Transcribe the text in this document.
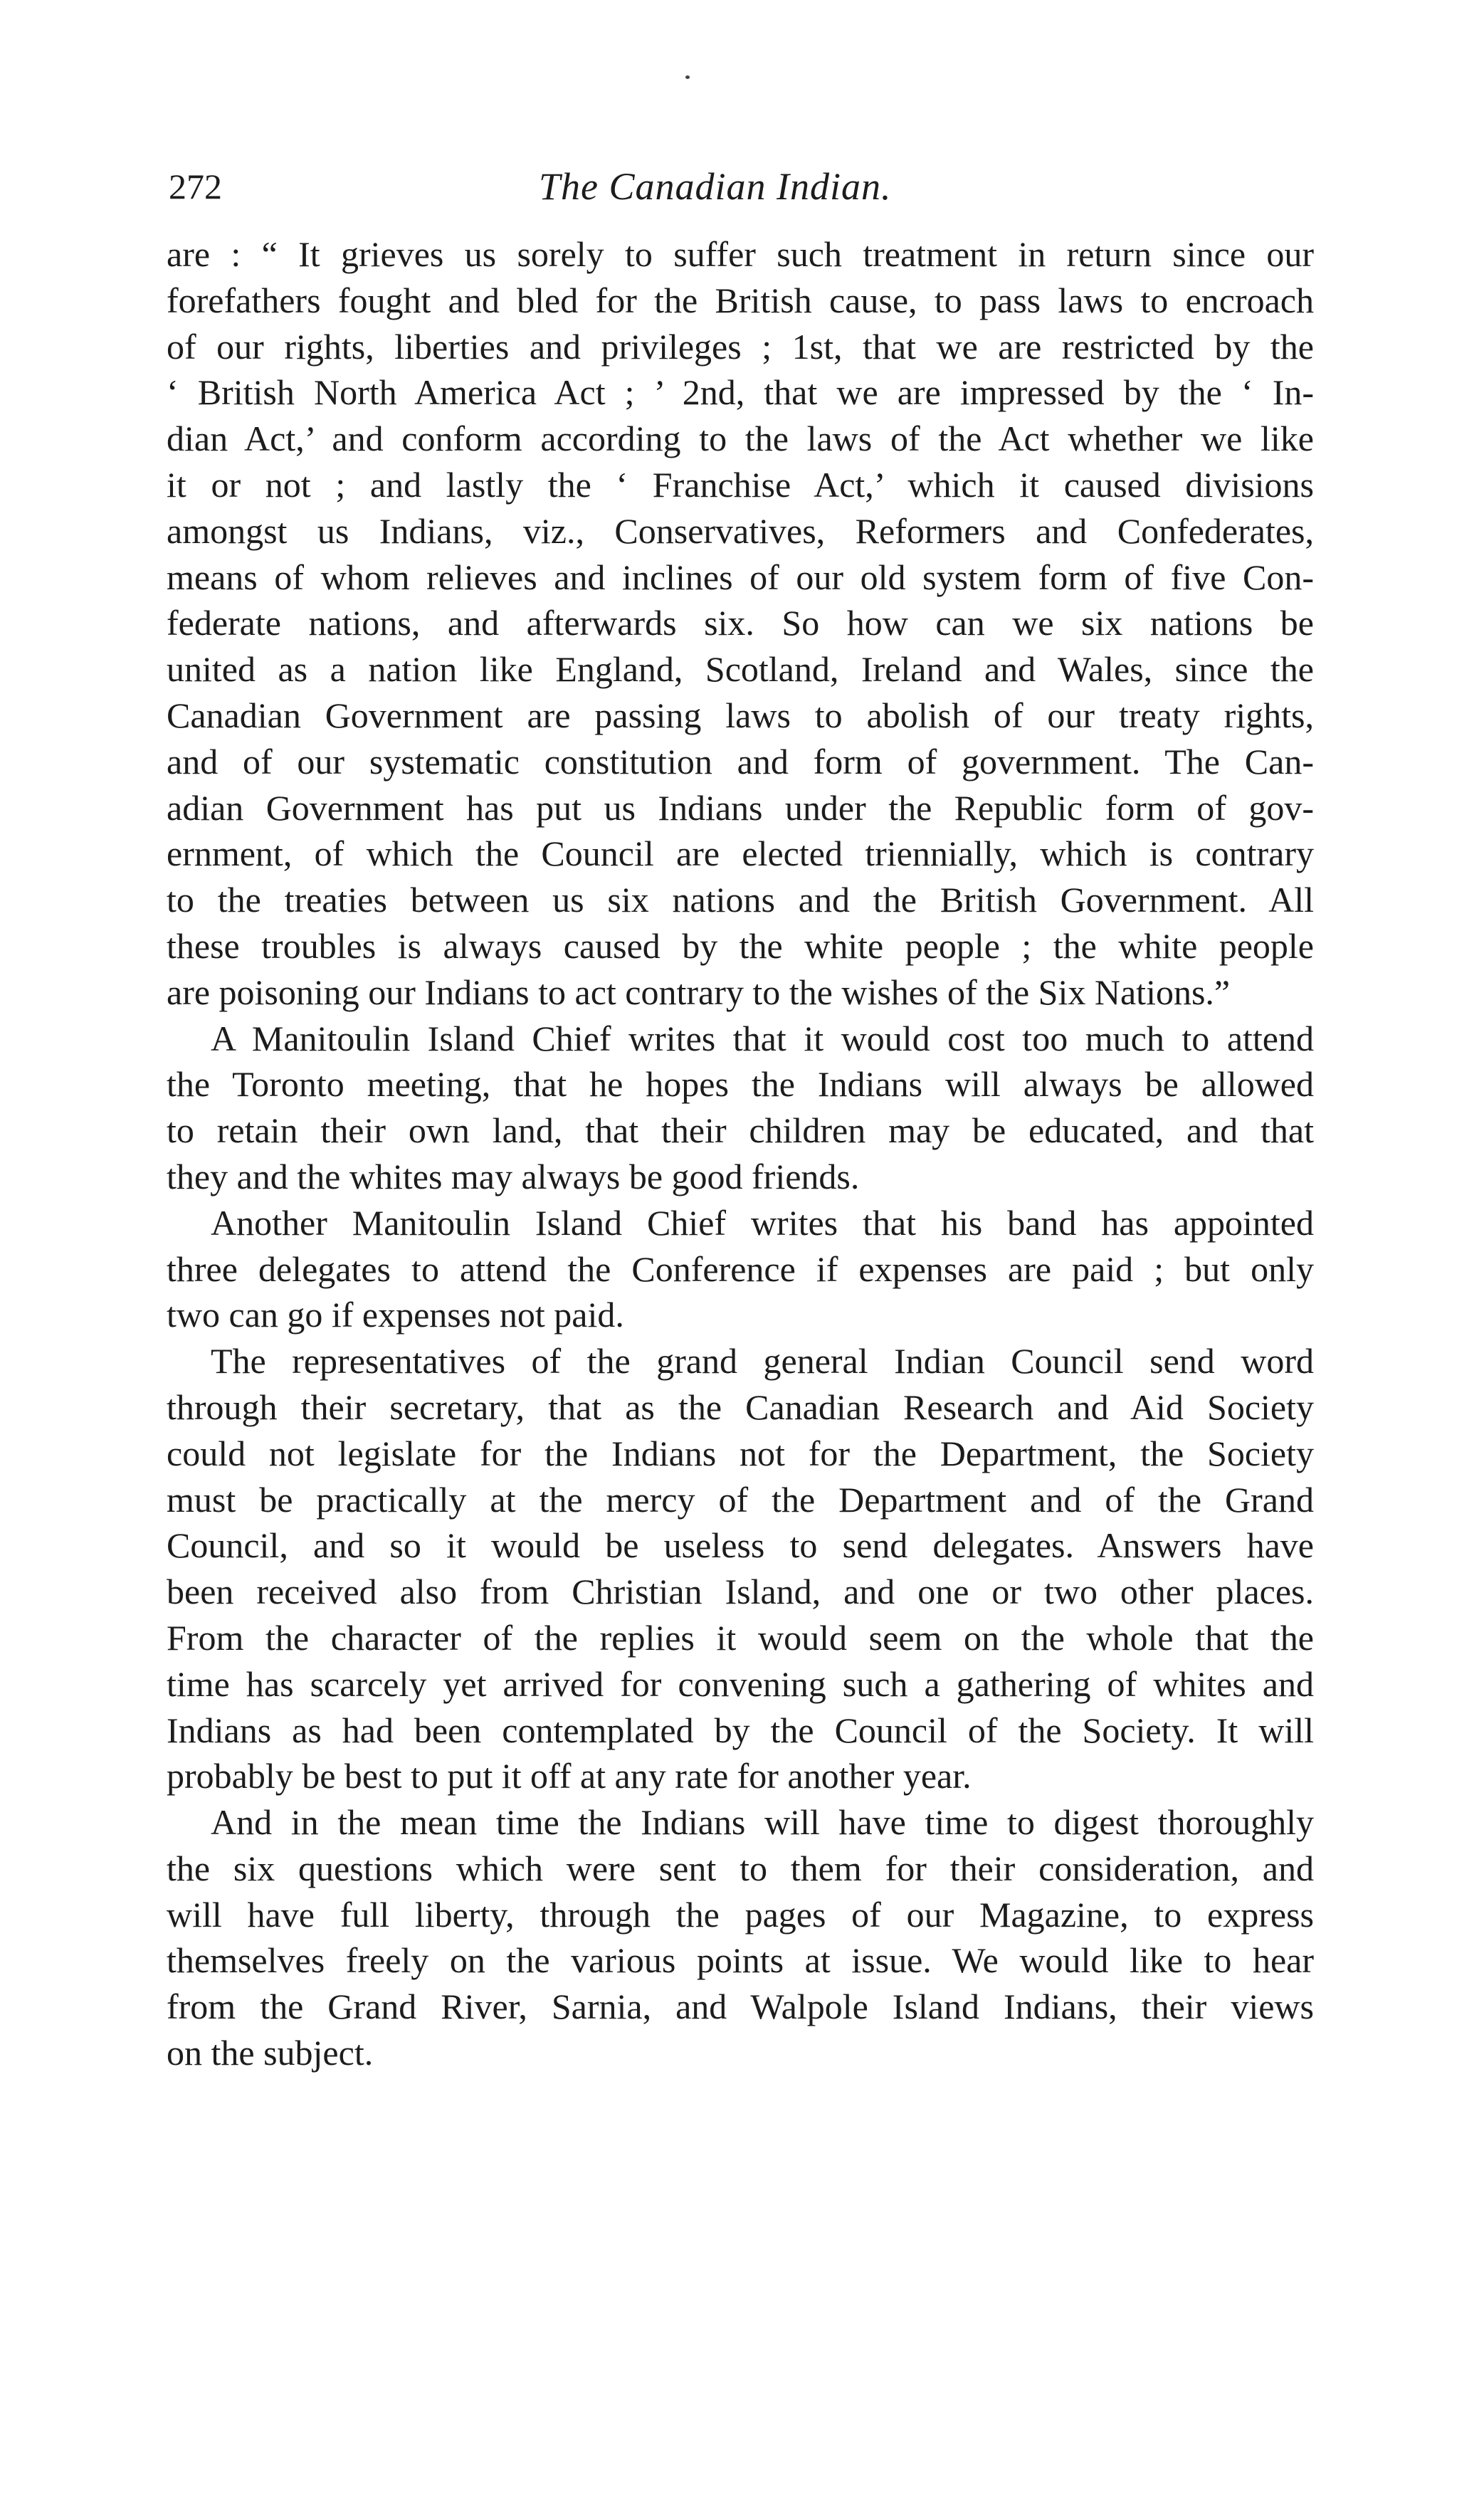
272	The Canadian Indian.
are : “ It grieves us sorely to suffer such treatment in return since our
forefathers fought and bled for the British cause, to pass laws to encroach
of our rights, liberties and privileges ; 1st, that we are restricted by the
‘ British North America Act ; ’ 2nd, that we are impressed by the ‘ In-
dian Act,’ and conform according to the laws of the Act whether we like
it or not ; and lastly the ‘ Franchise Act,’ which it caused divisions
amongst us Indians, viz., Conservatives, Reformers and Confederates,
means of whom relieves and inclines of our old system form of five Con-
federate nations, and afterwards six. So how can we six nations be
united as a nation like England, Scotland, Ireland and Wales, since the
Canadian Government are passing laws to abolish of our treaty rights,
and of our systematic constitution and form of government. The Can-
adian Government has put us Indians under the Republic form of gov-
ernment, of which the Council are elected triennially, which is contrary
to the treaties between us six nations and the British Government. All
these troubles is always caused by the white people ; the white people
are poisoning our Indians to act contrary to the wishes of the Six Nations.”
A Manitoulin Island Chief writes that it would cost too much to attend
the Toronto meeting, that he hopes the Indians will always be allowed
to retain their own land, that their children may be educated, and that
they and the whites may always be good friends.
Another Manitoulin Island Chief writes that his band has appointed
three delegates to attend the Conference if expenses are paid ; but only
two can go if expenses not paid.
The representatives of the grand general Indian Council send word
through their secretary, that as the Canadian Research and Aid Society
could not legislate for the Indians not for the Department, the Society
must be practically at the mercy of the Department and of the Grand
Council, and so it would be useless to send delegates. Answers have
been received also from Christian Island, and one or two other places.
From the character of the replies it would seem on the whole that the
time has scarcely yet arrived for convening such a gathering of whites and
Indians as had been contemplated by the Council of the Society. It will
probably be best to put it off at any rate for another year.
And in the mean time the Indians will have time to digest thoroughly
the six questions which were sent to them for their consideration, and
will have full liberty, through the pages of our Magazine, to express
themselves freely on the various points at issue. We would like to hear
from the Grand River, Sarnia, and Walpole Island Indians, their views
on the subject.
